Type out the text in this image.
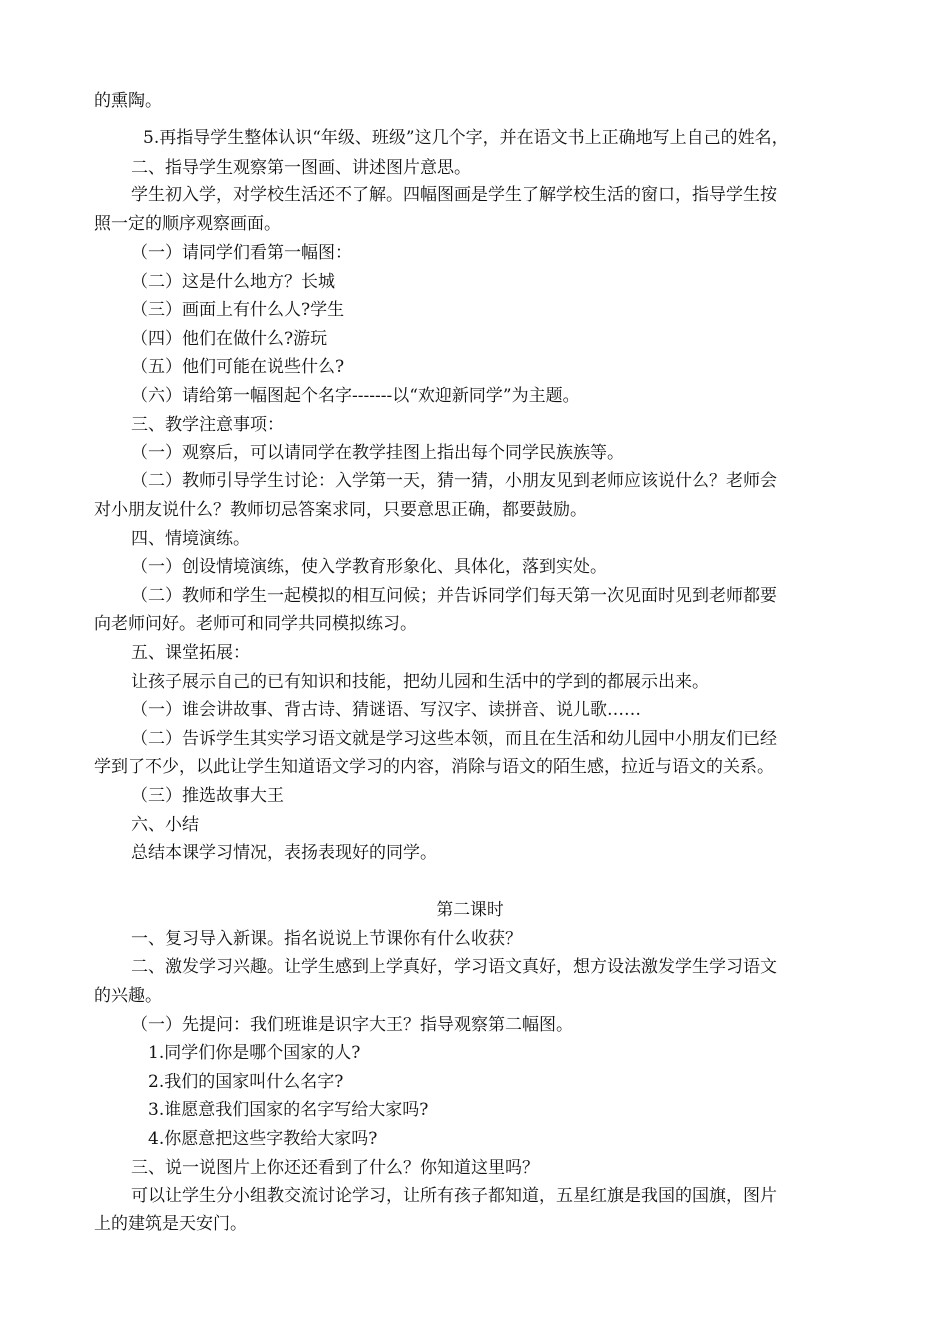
的熏陶。
5.再指导学生整体认识“年级、班级”这几个字，并在语文书上正确地写上自己的姓名，
二、指导学生观察第一图画、讲述图片意思。
学生初入学，对学校生活还不了解。四幅图画是学生了解学校生活的窗口，指导学生按
照一定的顺序观察画面。
（一）请同学们看第一幅图：
（二）这是什么地方？长城
（三）画面上有什么人?学生
（四）他们在做什么?游玩
（五）他们可能在说些什么?
（六）请给第一幅图起个名字-------以“欢迎新同学”为主题。
三、教学注意事项：
（一）观察后，可以请同学在教学挂图上指出每个同学民族族等。
（二）教师引导学生讨论：入学第一天，猜一猜，小朋友见到老师应该说什么？老师会
对小朋友说什么？教师切忌答案求同，只要意思正确，都要鼓励。
四、情境演练。
（一）创设情境演练，使入学教育形象化、具体化，落到实处。
（二）教师和学生一起模拟的相互问候；并告诉同学们每天第一次见面时见到老师都要
向老师问好。老师可和同学共同模拟练习。
五、课堂拓展：
让孩子展示自己的已有知识和技能，把幼儿园和生活中的学到的都展示出来。
（一）谁会讲故事、背古诗、猜谜语、写汉字、读拼音、说儿歌……
（二）告诉学生其实学习语文就是学习这些本领，而且在生活和幼儿园中小朋友们已经
学到了不少，以此让学生知道语文学习的内容，消除与语文的陌生感，拉近与语文的关系。
（三）推选故事大王
六、小结
总结本课学习情况，表扬表现好的同学。
第二课时
一、复习导入新课。指名说说上节课你有什么收获？
二、激发学习兴趣。让学生感到上学真好，学习语文真好，想方设法激发学生学习语文
的兴趣。
（一）先提问：我们班谁是识字大王？指导观察第二幅图。
1.同学们你是哪个国家的人?
2.我们的国家叫什么名字?
3.谁愿意我们国家的名字写给大家吗?
4.你愿意把这些字教给大家吗?
三、说一说图片上你还还看到了什么？你知道这里吗？
可以让学生分小组教交流讨论学习，让所有孩子都知道，五星红旗是我国的国旗，图片
上的建筑是天安门。
